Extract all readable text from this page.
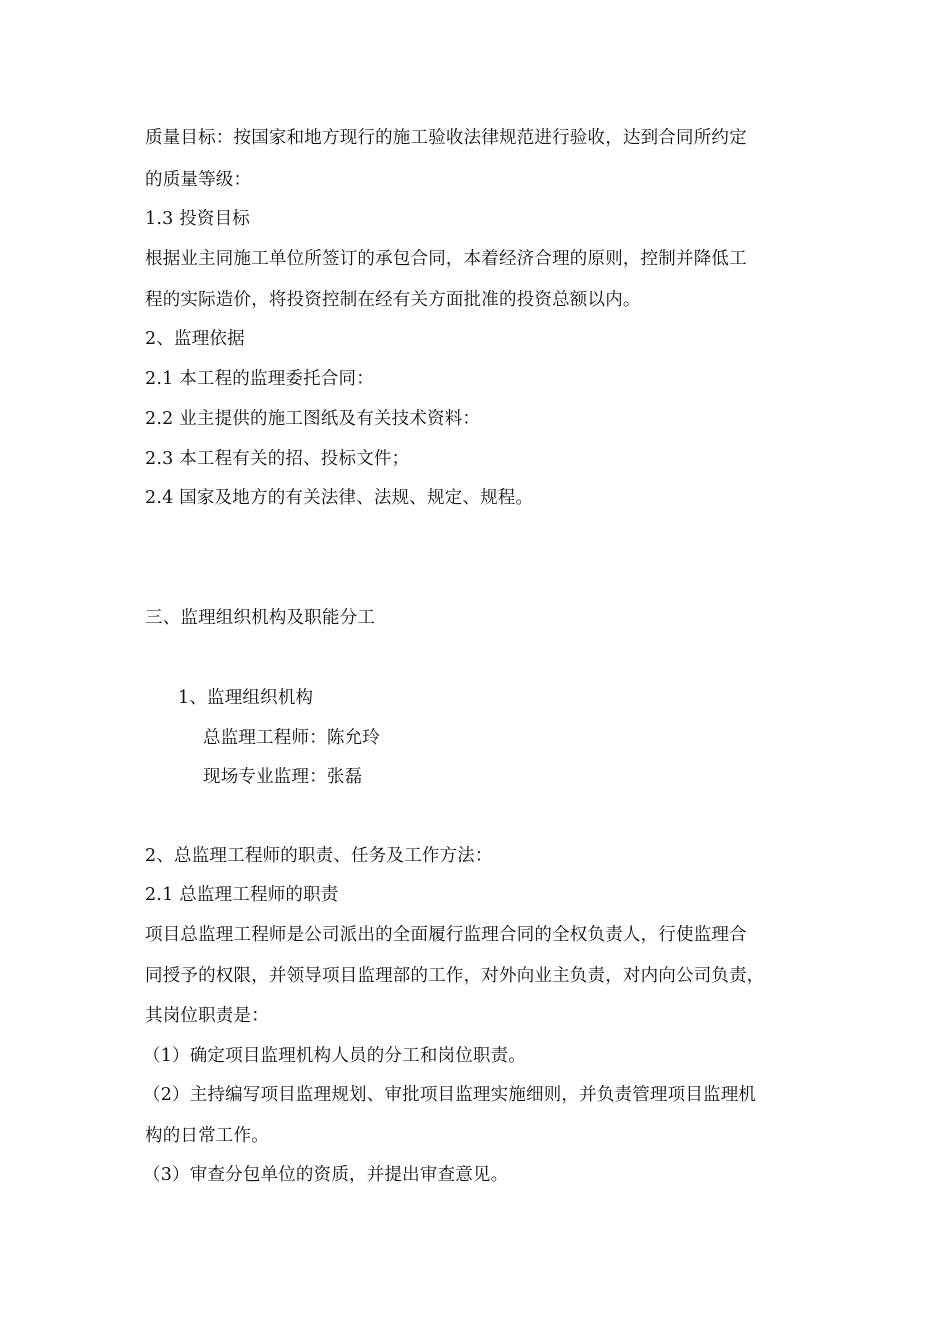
质量目标：按国家和地方现行的施工验收法律规范进行验收，达到合同所约定
的质量等级：
1.3 投资目标
根据业主同施工单位所签订的承包合同，本着经济合理的原则，控制并降低工
程的实际造价，将投资控制在经有关方面批准的投资总额以内。
2、监理依据
2.1 本工程的监理委托合同：
2.2 业主提供的施工图纸及有关技术资料：
2.3 本工程有关的招、投标文件；
2.4 国家及地方的有关法律、法规、规定、规程。
三、监理组织机构及职能分工
1、监理组织机构
总监理工程师：陈允玲
现场专业监理：张磊
2、总监理工程师的职责、任务及工作方法：
2.1 总监理工程师的职责
项目总监理工程师是公司派出的全面履行监理合同的全权负责人，行使监理合
同授予的权限，并领导项目监理部的工作，对外向业主负责，对内向公司负责，
其岗位职责是：
（1）确定项目监理机构人员的分工和岗位职责。
（2）主持编写项目监理规划、审批项目监理实施细则，并负责管理项目监理机
构的日常工作。
（3）审查分包单位的资质，并提出审查意见。
